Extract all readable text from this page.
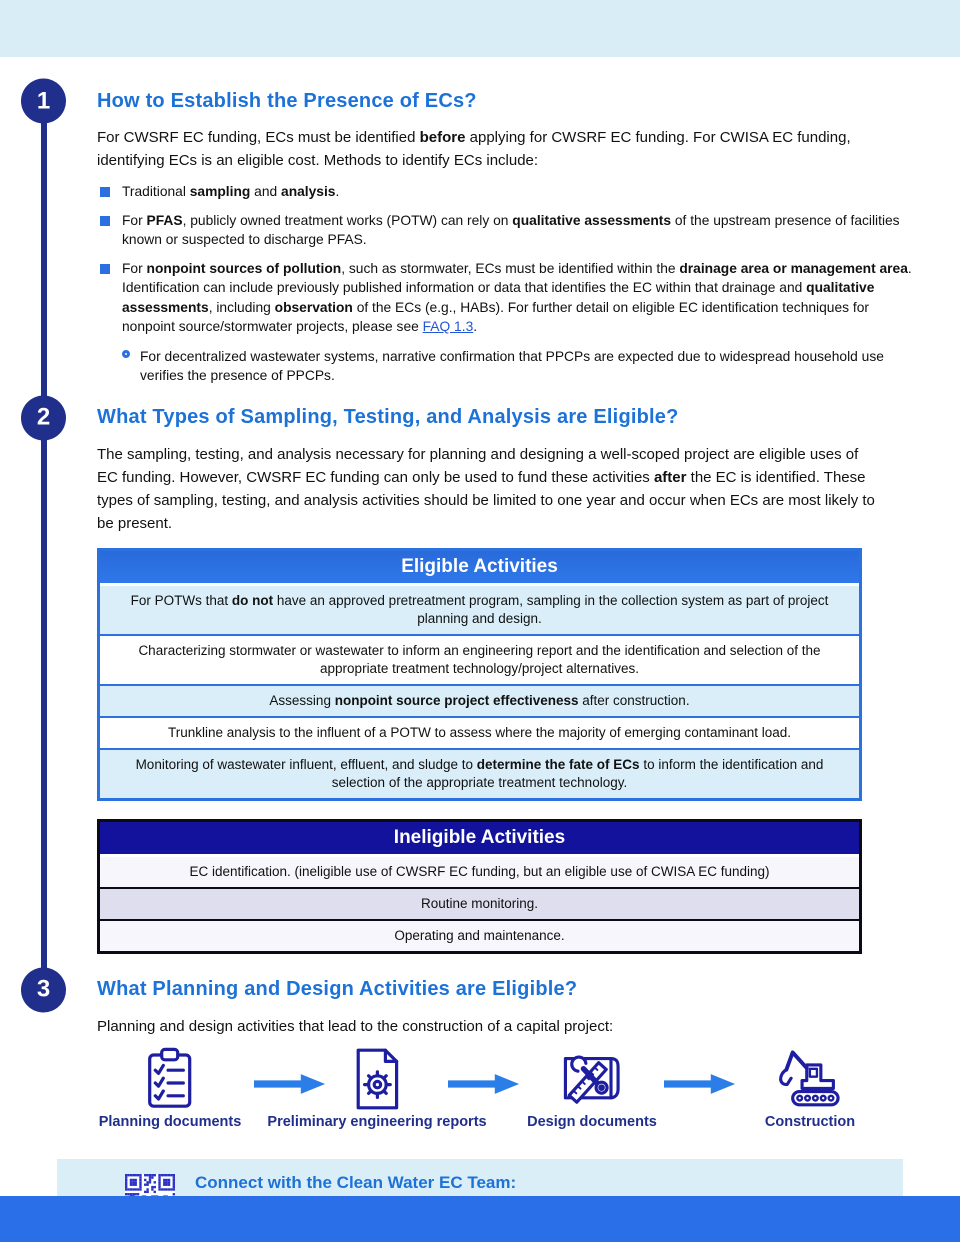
1 How to Establish the Presence of ECs?

For CWSRF EC funding, ECs must be identified before applying for CWSRF EC funding. For CWISA EC funding, identifying ECs is an eligible cost. Methods to identify ECs include:

Traditional sampling and analysis.

For PFAS, publicly owned treatment works (POTW) can rely on qualitative assessments of the upstream presence of facilities known or suspected to discharge PFAS.

For nonpoint sources of pollution, such as stormwater, ECs must be identified within the drainage area or management area. Identification can include previously published information or data that identifies the EC within that drainage and qualitative assessments, including observation of the ECs (e.g., HABs). For further detail on eligible EC identification techniques for nonpoint source/stormwater projects, please see FAQ 1.3.

For decentralized wastewater systems, narrative confirmation that PPCPs are expected due to widespread household use verifies the presence of PPCPs.

2 What Types of Sampling, Testing, and Analysis are Eligible?

The sampling, testing, and analysis necessary for planning and designing a well-scoped project are eligible uses of EC funding. However, CWSRF EC funding can only be used to fund these activities after the EC is identified. These types of sampling, testing, and analysis activities should be limited to one year and occur when ECs are most likely to be present.

Eligible Activities
For POTWs that do not have an approved pretreatment program, sampling in the collection system as part of project planning and design.
Characterizing stormwater or wastewater to inform an engineering report and the identification and selection of the appropriate treatment technology/project alternatives.
Assessing nonpoint source project effectiveness after construction.
Trunkline analysis to the influent of a POTW to assess where the majority of emerging contaminant load.
Monitoring of wastewater influent, effluent, and sludge to determine the fate of ECs to inform the identification and selection of the appropriate treatment technology.
Ineligible Activities
EC identification. (ineligible use of CWSRF EC funding, but an eligible use of CWISA EC funding)
Routine monitoring.
Operating and maintenance.
3 What Planning and Design Activities are Eligible?

Planning and design activities that lead to the construction of a capital project:

Planning documents Preliminary engineering reports	Design documents	Construction
Connect with the Clean Water EC Team:
